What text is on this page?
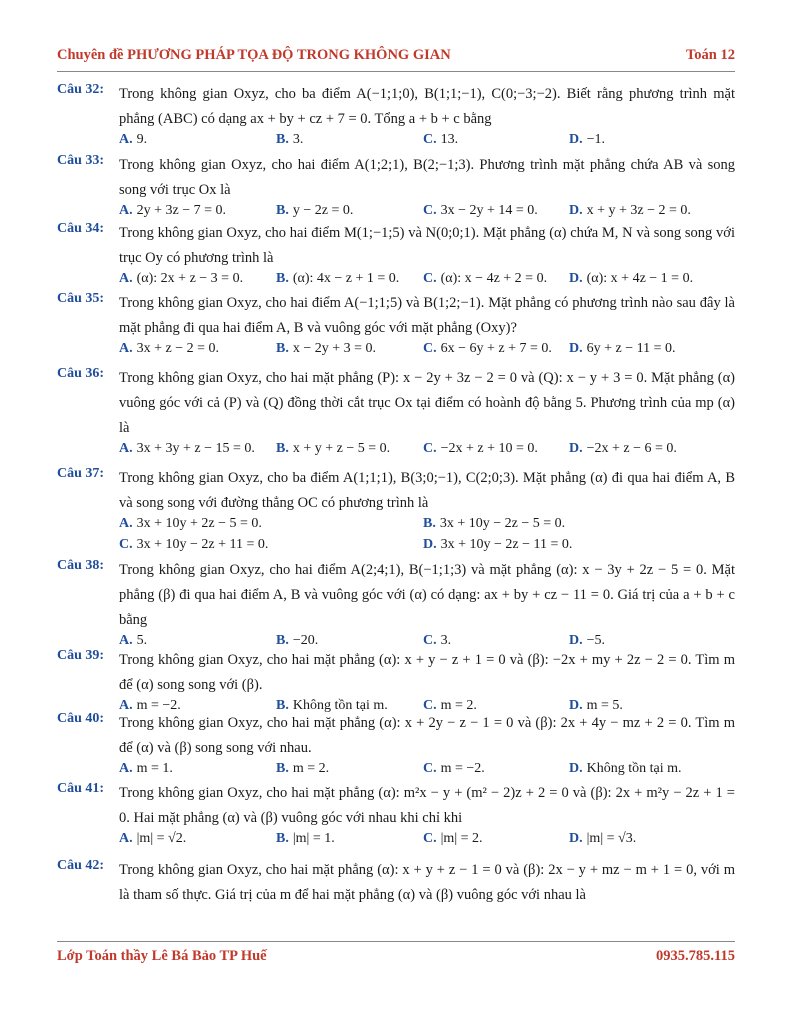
Chuyên đề PHƯƠNG PHÁP TỌA ĐỘ TRONG KHÔNG GIAN	Toán 12
Câu 32:	Trong không gian Oxyz, cho ba điểm A(−1;1;0), B(1;1;−1), C(0;−3;−2). Biết rằng phương trình mặt phẳng (ABC) có dạng ax + by + cz + 7 = 0. Tổng a + b + c bằng
A. 9.	B. 3.	C. 13.	D. −1.
Câu 33:	Trong không gian Oxyz, cho hai điểm A(1;2;1), B(2;−1;3). Phương trình mặt phẳng chứa AB và song song với trục Ox là
A. 2y + 3z − 7 = 0.	B. y − 2z = 0.	C. 3x − 2y + 14 = 0. D. x + y + 3z − 2 = 0.
Câu 34:	Trong không gian Oxyz, cho hai điểm M(1;−1;5) và N(0;0;1). Mặt phẳng (α) chứa M, N và song song với trục Oy có phương trình là
A. (α): 2x + z − 3 = 0. B. (α): 4x − z + 1 = 0. C. (α): x − 4z + 2 = 0. D. (α): x + 4z − 1 = 0.
Câu 35:	Trong không gian Oxyz, cho hai điểm A(−1;1;5) và B(1;2;−1). Mặt phẳng có phương trình nào sau đây là mặt phẳng đi qua hai điểm A, B và vuông góc với mặt phẳng (Oxy)?
A. 3x + z − 2 = 0.	B. x − 2y + 3 = 0.	C. 6x − 6y + z + 7 = 0. D. 6y + z − 11 = 0.
Câu 36:	Trong không gian Oxyz, cho hai mặt phẳng (P): x − 2y + 3z − 2 = 0 và (Q): x − y + 3 = 0. Mặt phẳng (α) vuông góc với cả (P) và (Q) đồng thời cắt trục Ox tại điểm có hoành độ bằng 5. Phương trình của mp (α) là
A. 3x + 3y + z − 15 = 0. B. x + y + z − 5 = 0. C. −2x + z + 10 = 0. D. −2x + z − 6 = 0.
Câu 37:	Trong không gian Oxyz, cho ba điểm A(1;1;1), B(3;0;−1), C(2;0;3). Mặt phẳng (α) đi qua hai điểm A, B và song song với đường thẳng OC có phương trình là
A. 3x + 10y + 2z − 5 = 0.	B. 3x + 10y − 2z − 5 = 0.
C. 3x + 10y − 2z + 11 = 0.	D. 3x + 10y − 2z − 11 = 0.
Câu 38:	Trong không gian Oxyz, cho hai điểm A(2;4;1), B(−1;1;3) và mặt phẳng (α): x − 3y + 2z − 5 = 0. Mặt phẳng (β) đi qua hai điểm A, B và vuông góc với (α) có dạng: ax + by + cz − 11 = 0. Giá trị của a + b + c bằng
A. 5.	B. −20.	C. 3.	D. −5.
Câu 39:	Trong không gian Oxyz, cho hai mặt phẳng (α): x + y − z + 1 = 0 và (β): −2x + my + 2z − 2 = 0. Tìm m để (α) song song với (β).
A. m = −2.	B. Không tồn tại m.	C. m = 2.	D. m = 5.
Câu 40:	Trong không gian Oxyz, cho hai mặt phẳng (α): x + 2y − z − 1 = 0 và (β): 2x + 4y − mz + 2 = 0. Tìm m để (α) và (β) song song với nhau.
A. m = 1.	B. m = 2.	C. m = −2.	D. Không tồn tại m.
Câu 41:	Trong không gian Oxyz, cho hai mặt phẳng (α): m²x − y + (m² − 2)z + 2 = 0 và (β): 2x + m²y − 2z + 1 = 0. Hai mặt phẳng (α) và (β) vuông góc với nhau khi chỉ khi
A. |m| = √2.	B. |m| = 1.	C. |m| = 2.	D. |m| = √3.
Câu 42:	Trong không gian Oxyz, cho hai mặt phẳng (α): x + y + z − 1 = 0 và (β): 2x − y + mz − m + 1 = 0, với m là tham số thực. Giá trị của m để hai mặt phẳng (α) và (β) vuông góc với nhau là
Lớp Toán thầy Lê Bá Bảo TP Huế	0935.785.115
